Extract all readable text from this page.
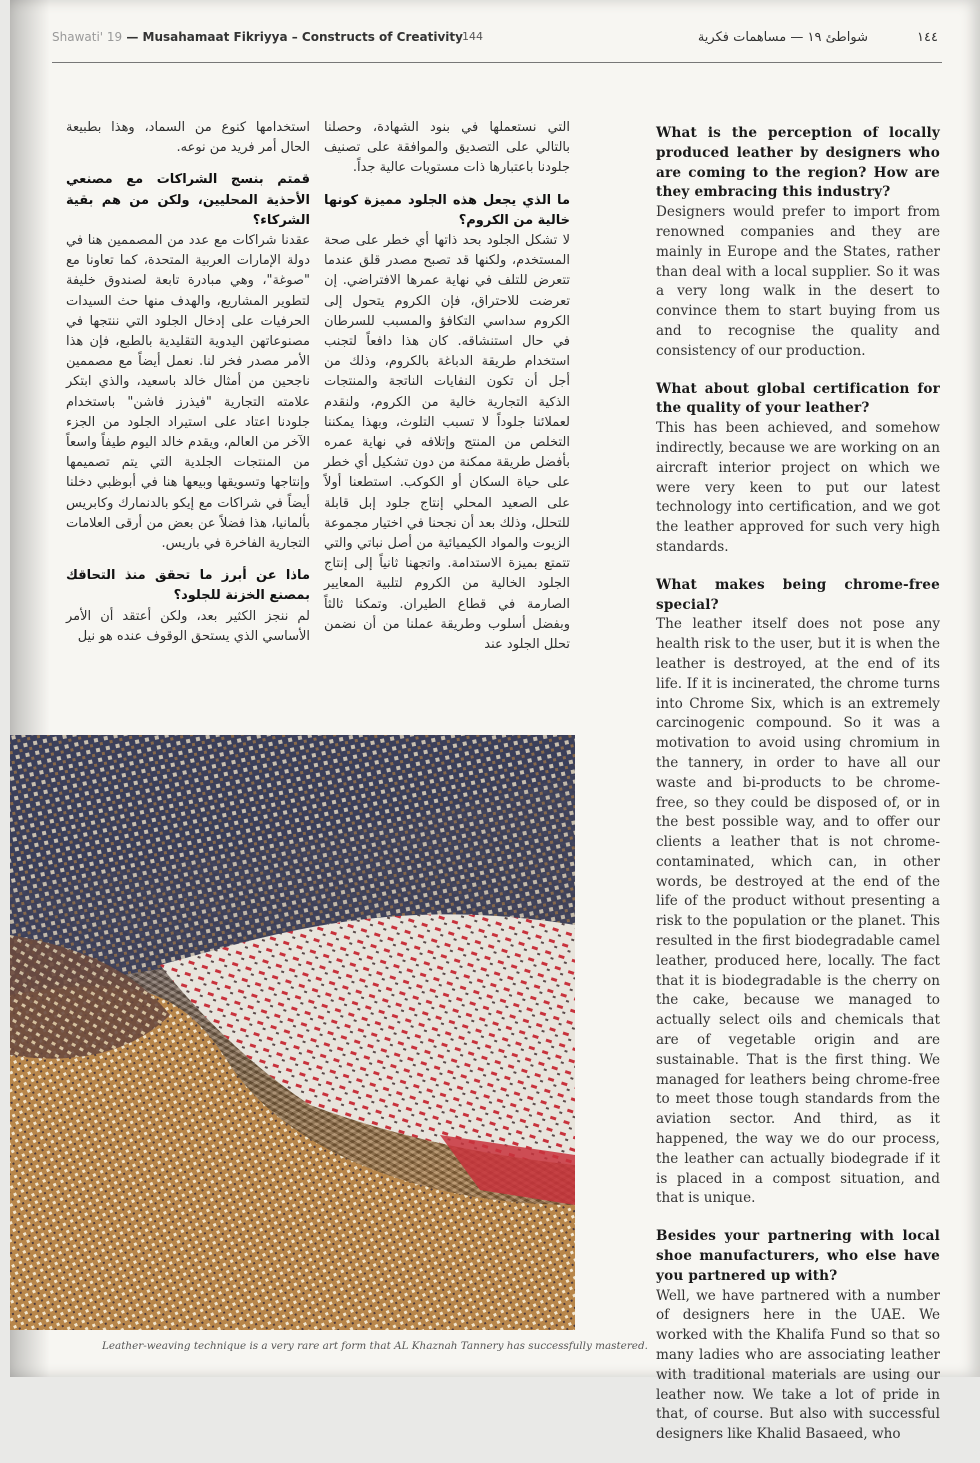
Shawati' 19 — Musahamaat Fikriyya – Constructs of Creativity 144	شواطئ ١٩ — مساهمات فكرية	١٤٤

التي نستعملها في بنود الشهادة، وحصلنا بالتالي على التصديق والموافقة على تصنيف جلودنا باعتبارها ذات مستويات عالية جداً.

ما الذي يجعل هذه الجلود مميزة كونها خالية من الكروم؟

لا تشكل الجلود بحد ذاتها أي خطر على صحة المستخدم، ولكنها قد تصبح مصدر قلق عندما تتعرض للتلف في نهاية عمرها الافتراضي. إن تعرضت للاحتراق، فإن الكروم يتحول إلى الكروم سداسي التكافؤ والمسبب للسرطان في حال استنشاقه. كان هذا دافعاً لتجنب استخدام طريقة الدباغة بالكروم، وذلك من أجل أن تكون النفايات الناتجة والمنتجات الذكية التجارية خالية من الكروم، ولنقدم لعملائنا جلوداً لا تسبب التلوث، وبهذا يمكننا التخلص من المنتج وإتلافه في نهاية عمره بأفضل طريقة ممكنة من دون تشكيل أي خطر على حياة السكان أو الكوكب. استطعنا أولاً على الصعيد المحلي إنتاج جلود إبل قابلة للتحلل، وذلك بعد أن نجحنا في اختيار مجموعة الزيوت والمواد الكيميائية من أصل نباتي والتي تتمتع بميزة الاستدامة. واتجهنا ثانياً إلى إنتاج الجلود الخالية من الكروم لتلبية المعايير الصارمة في قطاع الطيران. وتمكنا ثالثاً وبفضل أسلوب وطريقة عملنا من أن نضمن تحلل الجلود عند

استخدامها كنوع من السماد، وهذا بطبيعة الحال أمر فريد من نوعه.

قمتم بنسج الشراكات مع مصنعي الأحذية المحليين، ولكن من هم بقية الشركاء؟

عقدنا شراكات مع عدد من المصممين هنا في دولة الإمارات العربية المتحدة، كما تعاونا مع "صوغة"، وهي مبادرة تابعة لصندوق خليفة لتطوير المشاريع، والهدف منها حث السيدات الحرفيات على إدخال الجلود التي ننتجها في مصنوعاتهن اليدوية التقليدية بالطبع، فإن هذا الأمر مصدر فخر لنا. نعمل أيضاً مع مصممين ناجحين من أمثال خالد باسعيد، والذي ابتكر علامته التجارية "فيذرز فاشن" باستخدام جلودنا اعتاد على استيراد الجلود من الجزء الآخر من العالم، ويقدم خالد اليوم طيفاً واسعاً من المنتجات الجلدية التي يتم تصميمها وإنتاجها وتسويقها وبيعها هنا في أبوظبي دخلنا أيضاً في شراكات مع إيكو بالدنمارك وكابريس بألمانيا، هذا فضلاً عن بعض من أرقى العلامات التجارية الفاخرة في باريس.

ماذا عن أبرز ما تحقق منذ التحاقك بمصنع الخزنة للجلود؟

لم ننجز الكثير بعد، ولكن أعتقد أن الأمر الأساسي الذي يستحق الوقوف عنده هو نيل

What is the perception of locally produced leather by designers who are coming to the region? How are they embracing this industry?

Designers would prefer to import from renowned companies and they are mainly in Europe and the States, rather than deal with a local supplier. So it was a very long walk in the desert to convince them to start buying from us and to recognise the quality and consistency of our production.

What about global certification for the quality of your leather?

This has been achieved, and somehow indirectly, because we are working on an aircraft interior project on which we were very keen to put our latest technology into certification, and we got the leather approved for such very high standards.

What makes being chrome-free special?

The leather itself does not pose any health risk to the user, but it is when the leather is destroyed, at the end of its life. If it is incinerated, the chrome turns into Chrome Six, which is an extremely carcinogenic compound. So it was a motivation to avoid using chromium in the tannery, in order to have all our waste and bi-products to be chrome-free, so they could be disposed of, or in the best possible way, and to offer our clients a leather that is not chrome-contaminated, which can, in other words, be destroyed at the end of the life of the product without presenting a risk to the population or the planet. This resulted in the first biodegradable camel leather, produced here, locally. The fact that it is biodegradable is the cherry on the cake, because we managed to actually select oils and chemicals that are of vegetable origin and are sustainable. That is the first thing. We managed for leathers being chrome-free to meet those tough standards from the aviation sector. And third, as it happened, the way we do our process, the leather can actually biodegrade if it is placed in a compost situation, and that is unique.

Besides your partnering with local shoe manufacturers, who else have you partnered up with?

Well, we have partnered with a number of designers here in the UAE. We worked with the Khalifa Fund so that so many ladies who are associating leather with traditional materials are using our leather now. We take a lot of pride in that, of course. But also with successful designers like Khalid Basaeed, who

Leather-weaving technique is a very rare art form that AL Khaznah Tannery has successfully mastered.
